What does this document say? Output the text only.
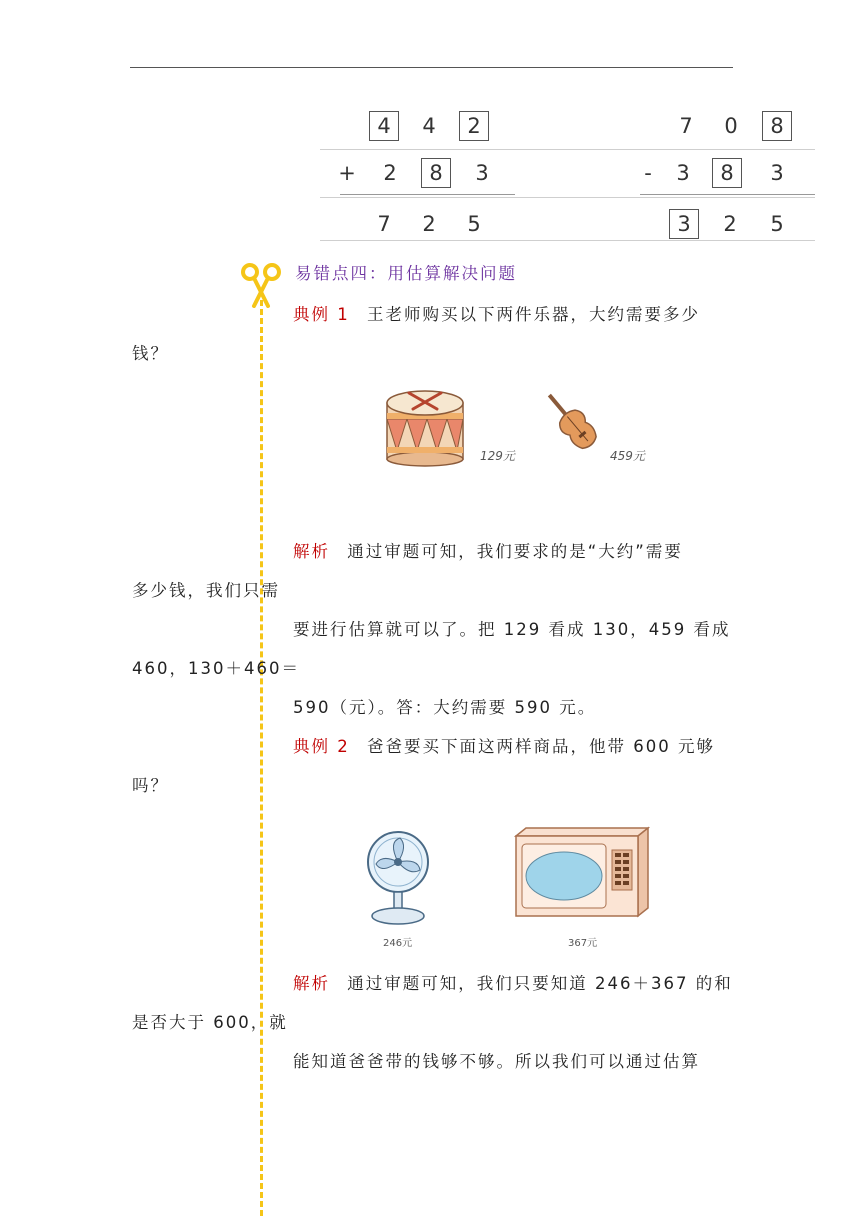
4	4	2
+	2	8	3
7	2	5
7	0	8
-	3	8	3
3	2	5
易错点四：用估算解决问题
典例 1 王老师购买以下两件乐器，大约需要多少
钱？
129元	459元
解析 通过审题可知，我们要求的是“大约”需要
多少钱，我们只需
要进行估算就可以了。把 129 看成 130，459 看成
460，130＋460＝
590（元）。答：大约需要 590 元。
典例 2 爸爸要买下面这两样商品，他带 600 元够
吗？
246元	367元
解析 通过审题可知，我们只要知道 246＋367 的和
是否大于 600，就
能知道爸爸带的钱够不够。所以我们可以通过估算
